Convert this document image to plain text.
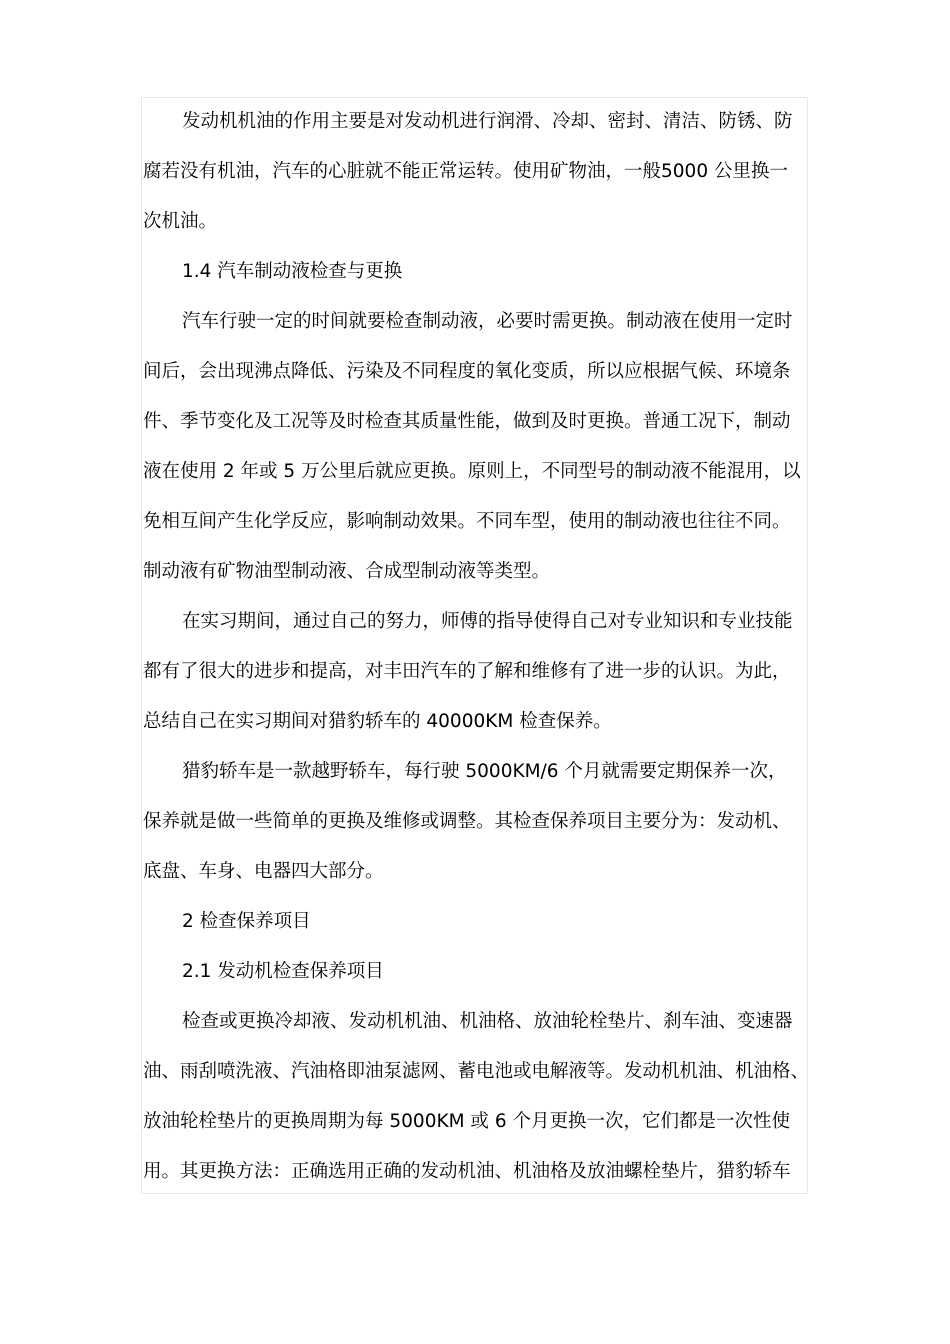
发动机机油的作用主要是对发动机进行润滑、冷却、密封、清洁、防锈、防
腐若没有机油，汽车的心脏就不能正常运转。使用矿物油，一般5000 公里换一
次机油。

1.4 汽车制动液检查与更换

汽车行驶一定的时间就要检查制动液，必要时需更换。制动液在使用一定时
间后，会出现沸点降低、污染及不同程度的氧化变质，所以应根据气候、环境条
件、季节变化及工况等及时检查其质量性能，做到及时更换。普通工况下，制动
液在使用 2 年或 5 万公里后就应更换。原则上，不同型号的制动液不能混用，以
免相互间产生化学反应，影响制动效果。不同车型，使用的制动液也往往不同。
制动液有矿物油型制动液、合成型制动液等类型。

在实习期间，通过自己的努力，师傅的指导使得自己对专业知识和专业技能
都有了很大的进步和提高，对丰田汽车的了解和维修有了进一步的认识。为此，
总结自己在实习期间对猎豹轿车的 40000KM 检查保养。

猎豹轿车是一款越野轿车，每行驶 5000KM/6 个月就需要定期保养一次，
保养就是做一些简单的更换及维修或调整。其检查保养项目主要分为：发动机、
底盘、车身、电器四大部分。

2 检查保养项目

2.1 发动机检查保养项目

检查或更换冷却液、发动机机油、机油格、放油轮栓垫片、刹车油、变速器
油、雨刮喷洗液、汽油格即油泵滤网、蓄电池或电解液等。发动机机油、机油格、
放油轮栓垫片的更换周期为每 5000KM 或 6 个月更换一次，它们都是一次性使
用。其更换方法：正确选用正确的发动机油、机油格及放油螺栓垫片，猎豹轿车
